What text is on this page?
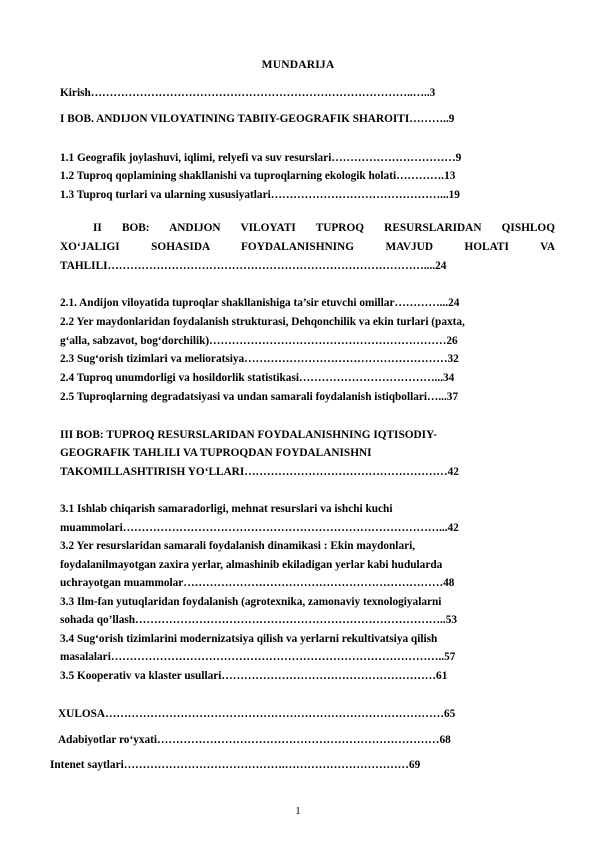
MUNDARIJA
Kirish…………………………………………………………………………..…..3
I BOB. ANDIJON VILOYATINING TABIIY-GEOGRAFIK SHAROITI………..9
1.1 Geografik joylashuvi, iqlimi, relyefi va suv resurslari……………………………9
1.2 Tuproq qoplamining shakllanishi va tuproqlarning ekologik holati………….13
1.3 Tuproq turlari va ularning xususiyatlari………………………………………...19
II BOB: ANDIJON VILOYATI TUPROQ RESURSLARIDAN QISHLOQ
XO‘JALIGI SOHASIDA FOYDALANISHNING MAVJUD HOLATI VA
TAHLILI…………………………………………………………………………....24
2.1. Andijon viloyatida tuproqlar shakllanishiga ta’sir etuvchi omillar…………...24
2.2 Yer maydonlaridan foydalanish strukturasi, Dehqonchilik va ekin turlari (paxta,
g‘alla, sabzavot, bog‘dorchilik)………………………………………………………26
2.3 Sug‘orish tizimlari va melioratsiya………………………………………………32
2.4 Tuproq unumdorligi va hosildorlik statistikasi………………………………...34
2.5 Tuproqlarning degradatsiyasi va undan samarali foydalanish istiqbollari…...37
III BOB: TUPROQ RESURSLARIDAN FOYDALANISHNING IQTISODIY-
GEOGRAFIK TAHLILI VA TUPROQDAN FOYDALANISHNI
TAKOMILLASHTIRISH YO‘LLARI………………………………………………42
3.1 Ishlab chiqarish samaradorligi, mehnat resurslari va ishchi kuchi
muammolari…………………………………………………………………………...42
3.2 Yer resurslaridan samarali foydalanish dinamikasi : Ekin maydonlari,
foydalanilmayotgan zaxira yerlar, almashinib ekiladigan yerlar kabi hudularda
uchrayotgan muammolar……………………………………………………………48
3.3 Ilm-fan yutuqlaridan foydalanish (agrotexnika, zamonaviy texnologiyalarni
sohada qo’llash………………………………………………………………………..53
3.4 Sug‘orish tizimlarini modernizatsiya qilish va yerlarni rekultivatsiya qilish
masalalari……………………………………………………………………………..57
3.5 Kooperativ va klaster usullari…………………………………………………61
XULOSA………………………………………………………………………………65
Adabiyotlar ro‘yxati…………………………………………………………………68
Intenet saytlari…………………………………….……………………………69
1
